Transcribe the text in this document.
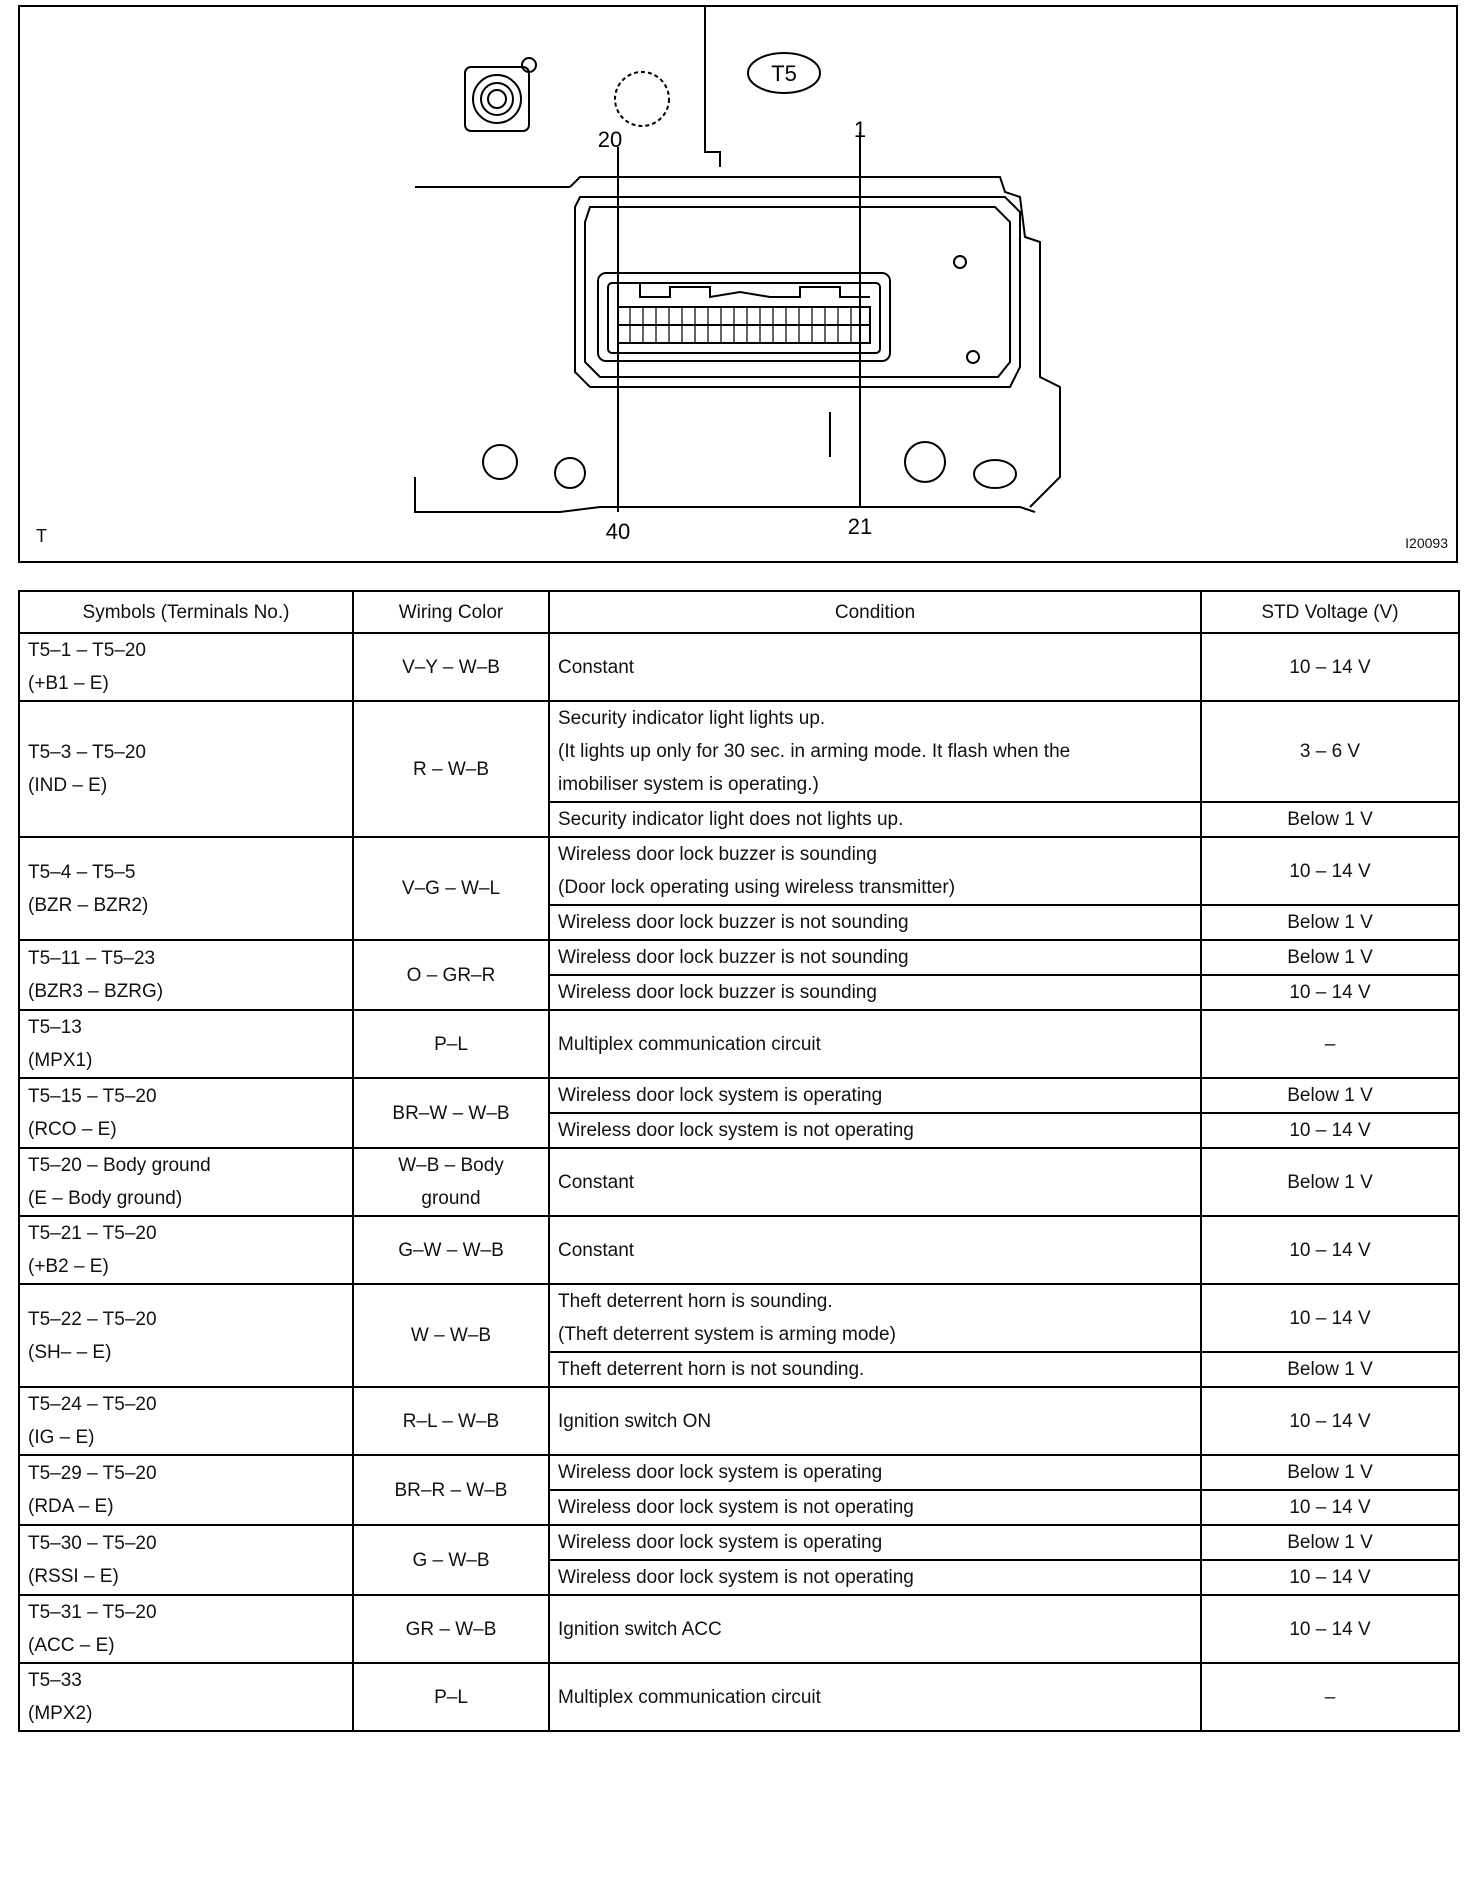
T5
20	1
40	21
T	I20093
Symbols (Terminals No.)	Wiring Color	Condition	STD Voltage (V)

T5–1 – T5–20
(+B1 – E)	V–Y – W–B	Constant	10 – 14 V

T5–3 – T5–20
(IND – E)	R – W–B	Security indicator light lights up.
(It lights up only for 30 sec. in arming mode. It flash when the
imobiliser system is operating.)	3 – 6 V

		Security indicator light does not lights up.	Below 1 V

T5–4 – T5–5
(BZR – BZR2)	V–G – W–L	Wireless door lock buzzer is sounding
(Door lock operating using wireless transmitter)	10 – 14 V

		Wireless door lock buzzer is not sounding	Below 1 V

T5–11 – T5–23
(BZR3 – BZRG)	O – GR–R	Wireless door lock buzzer is not sounding	Below 1 V

		Wireless door lock buzzer is sounding	10 – 14 V

T5–13
(MPX1)	P–L	Multiplex communication circuit	–

T5–15 – T5–20
(RCO – E)	BR–W – W–B	Wireless door lock system is operating	Below 1 V

		Wireless door lock system is not operating	10 – 14 V

T5–20 – Body ground
(E – Body ground)	W–B – Body
ground	Constant	Below 1 V

T5–21 – T5–20
(+B2 – E)	G–W – W–B	Constant	10 – 14 V

T5–22 – T5–20
(SH– – E)	W – W–B	Theft deterrent horn is sounding.
(Theft deterrent system is arming mode)	10 – 14 V

		Theft deterrent horn is not sounding.	Below 1 V

T5–24 – T5–20
(IG – E)	R–L – W–B	Ignition switch ON	10 – 14 V

T5–29 – T5–20
(RDA – E)	BR–R – W–B	Wireless door lock system is operating	Below 1 V

		Wireless door lock system is not operating	10 – 14 V

T5–30 – T5–20
(RSSI – E)	G – W–B	Wireless door lock system is operating	Below 1 V

		Wireless door lock system is not operating	10 – 14 V

T5–31 – T5–20
(ACC – E)	GR – W–B	Ignition switch ACC	10 – 14 V

T5–33
(MPX2)	P–L	Multiplex communication circuit	–
